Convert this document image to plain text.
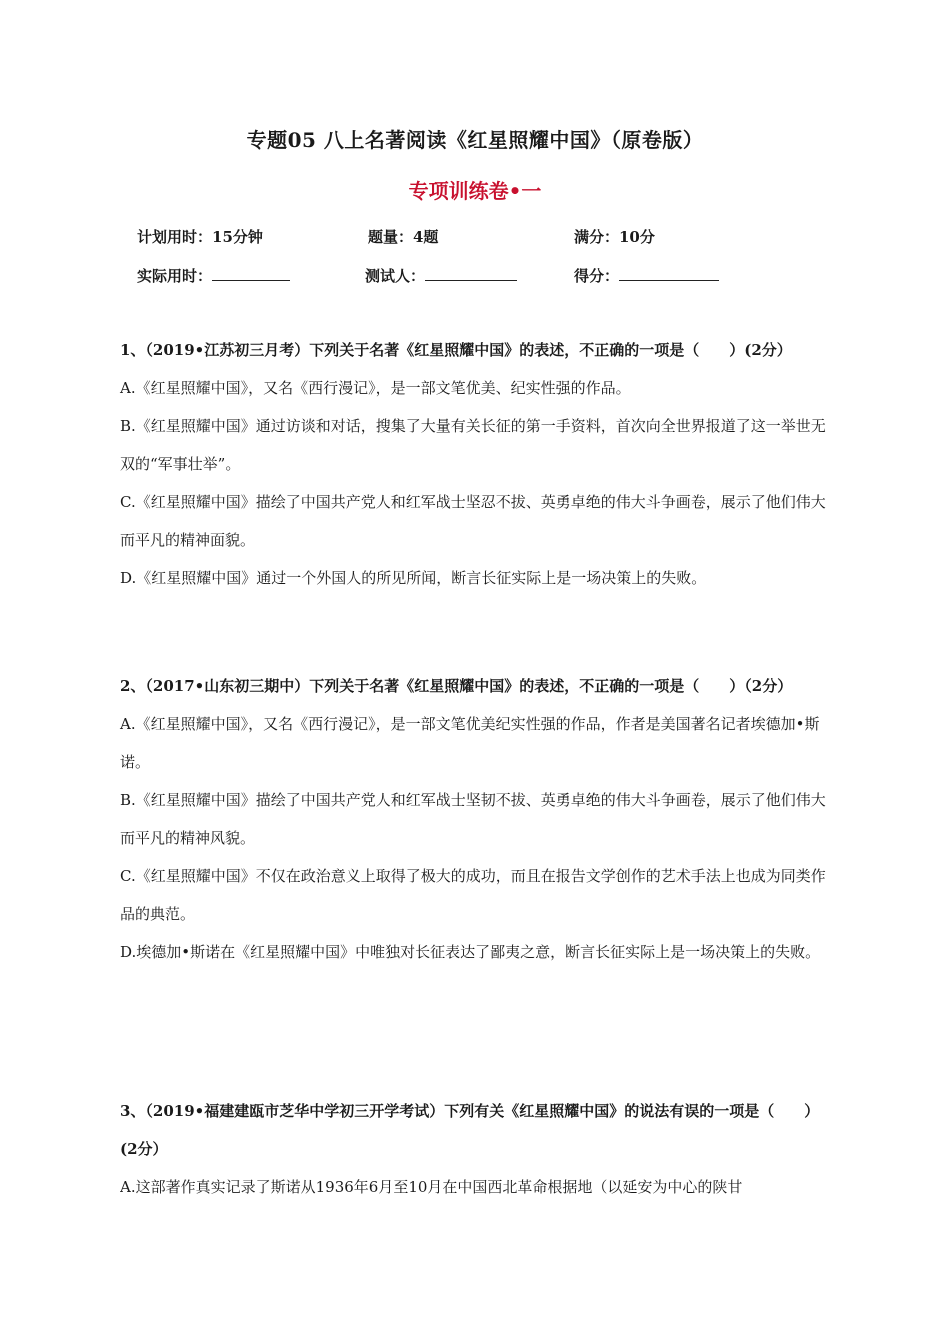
专题05 八上名著阅读《红星照耀中国》（原卷版）
专项训练卷•一
计划用时：15分钟	题量：4题	满分：10分
实际用时：	测试人：	得分：
1、（2019•江苏初三月考）下列关于名著《红星照耀中国》的表述，不正确的一项是（　　）(2分）
A.《红星照耀中国》，又名《西行漫记》，是一部文笔优美、纪实性强的作品。
B.《红星照耀中国》通过访谈和对话，搜集了大量有关长征的第一手资料，首次向全世界报道了这一举世无双的“军事壮举”。
C.《红星照耀中国》描绘了中国共产党人和红军战士坚忍不拔、英勇卓绝的伟大斗争画卷，展示了他们伟大而平凡的精神面貌。
D.《红星照耀中国》通过一个外国人的所见所闻，断言长征实际上是一场决策上的失败。
2、（2017•山东初三期中）下列关于名著《红星照耀中国》的表述，不正确 ·的一项是（　　）（2分）
A.《红星照耀中国》，又名《西行漫记》，是一部文笔优美纪实性强的作品，作者是美国著名记者埃德加•斯诺。
B.《红星照耀中国》描绘了中国共产党人和红军战士坚韧不拔、英勇卓绝的伟大斗争画卷，展示了他们伟大而平凡的精神风貌。
C.《红星照耀中国》不仅在政治意义上取得了极大的成功，而且在报告文学创作的艺术手法上也成为同类作品的典范。
D.埃德加•斯诺在《红星照耀中国》中唯独对长征表达了鄙夷之意，断言长征实际上是一场决策上的失败。
3、（2019•福建建瓯市芝华中学初三开学考试）下列有关《红星照耀中国》的说法有误的一项是（　　）(2分）
A.这部著作真实记录了斯诺从1936年6月至10月在中国西北革命根据地（以延安为中心的陕甘
